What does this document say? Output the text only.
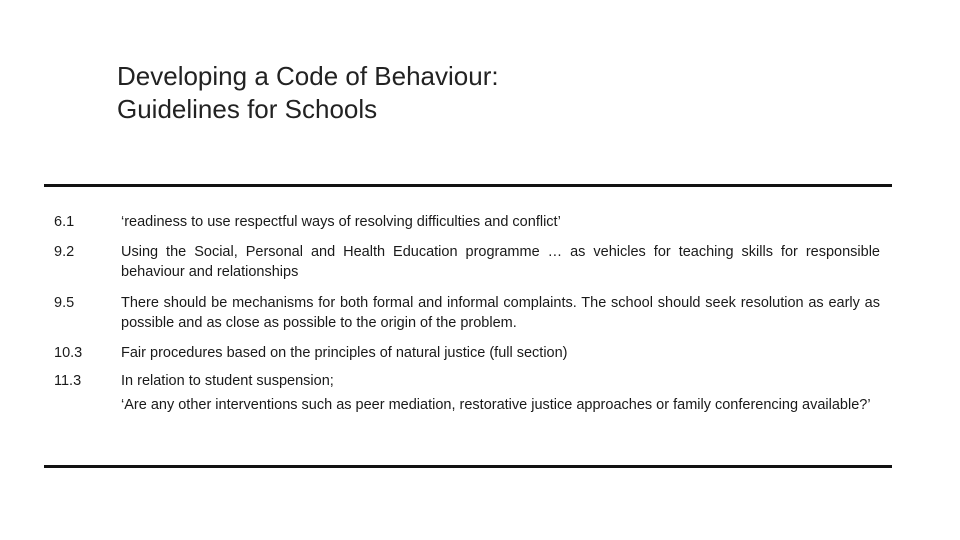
Developing a Code of Behaviour:
Guidelines for Schools
6.1	‘readiness to use respectful ways of resolving difficulties and conflict’

9.2	Using the Social, Personal and Health Education programme … as vehicles for teaching skills for responsible behaviour and relationships

9.5	There should be mechanisms for both formal and informal complaints. The school should seek resolution as early as possible and as close as possible to the origin of the problem.

10.3	Fair procedures based on the principles of natural justice (full section)

11.3	In relation to student suspension;

‘Are any other interventions such as peer mediation, restorative justice approaches or family conferencing available?’
